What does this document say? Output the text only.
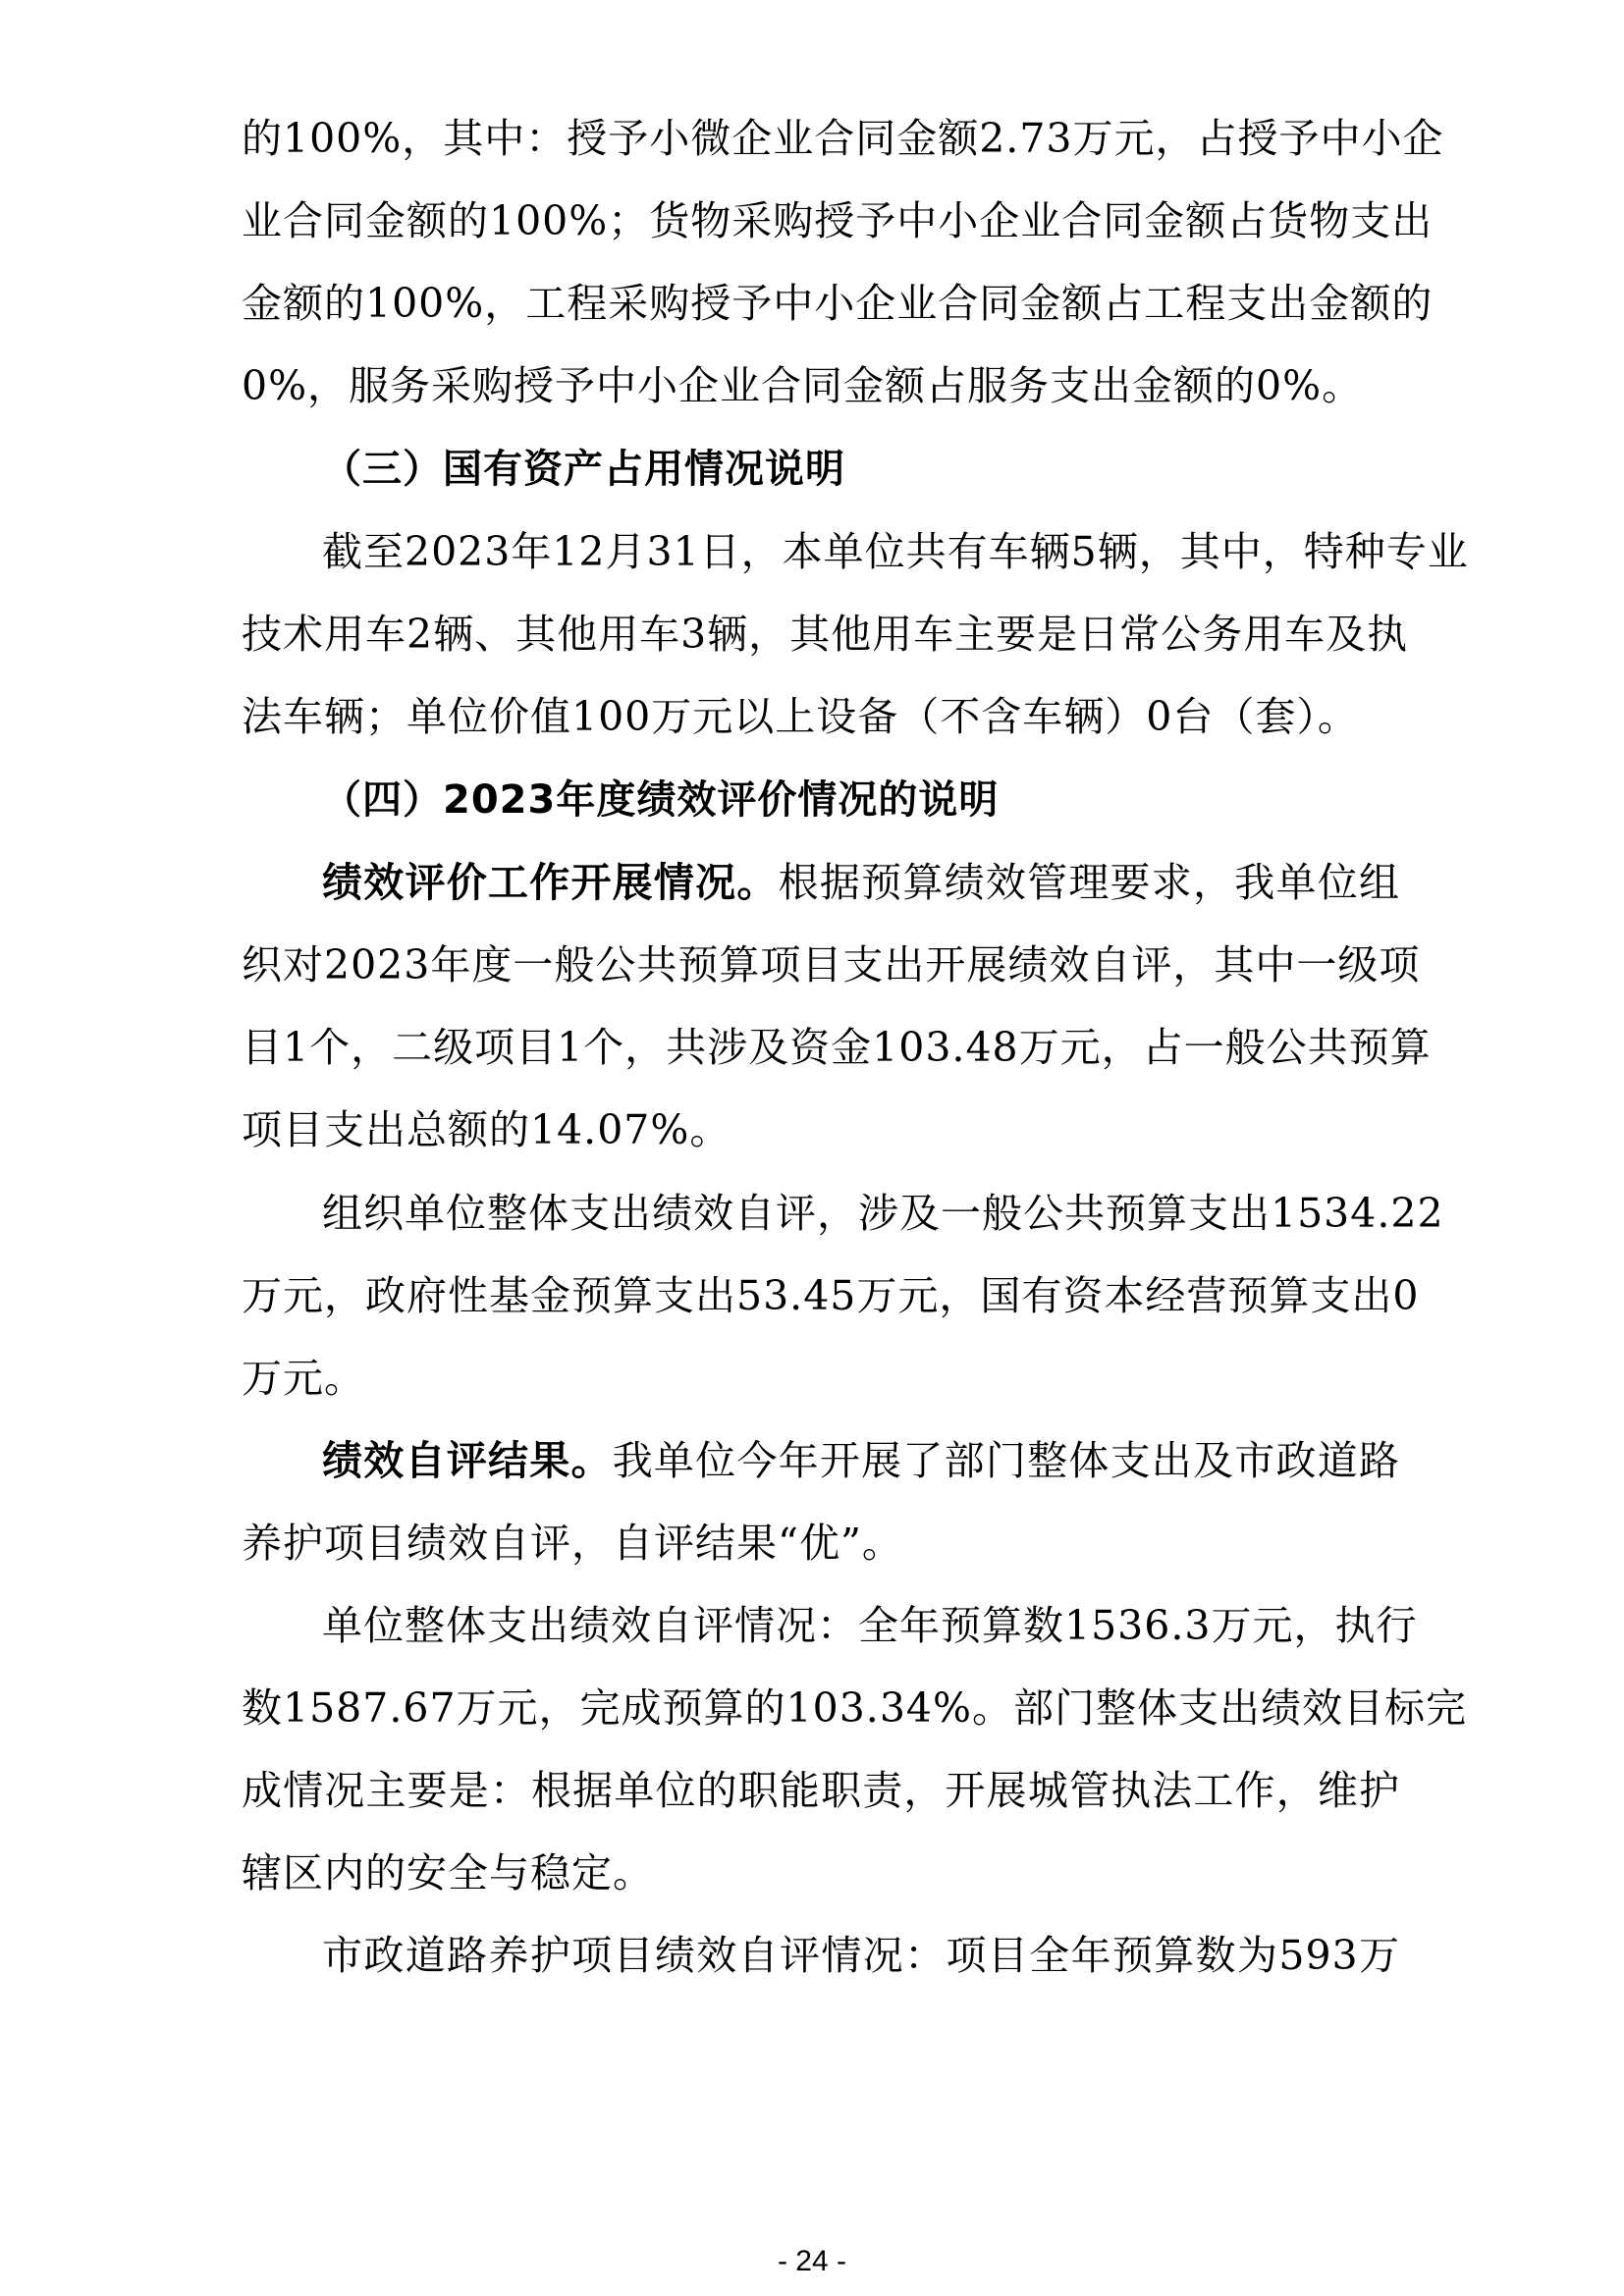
的100%，其中：授予小微企业合同金额2.73万元，占授予中小企
业合同金额的100%；货物采购授予中小企业合同金额占货物支出
金额的100%，工程采购授予中小企业合同金额占工程支出金额的
0%，服务采购授予中小企业合同金额占服务支出金额的0%。
（三）国有资产占用情况说明
截至2023年12月31日，本单位共有车辆5辆，其中，特种专业
技术用车2辆、其他用车3辆，其他用车主要是日常公务用车及执
法车辆；单位价值100万元以上设备（不含车辆）0台（套）。
（四）2023年度绩效评价情况的说明
绩效评价工作开展情况。根据预算绩效管理要求，我单位组
织对2023年度一般公共预算项目支出开展绩效自评，其中一级项
目1个，二级项目1个，共涉及资金103.48万元，占一般公共预算
项目支出总额的14.07%。
组织单位整体支出绩效自评，涉及一般公共预算支出1534.22
万元，政府性基金预算支出53.45万元，国有资本经营预算支出0
万元。
绩效自评结果。我单位今年开展了部门整体支出及市政道路
养护项目绩效自评，自评结果“优”。
单位整体支出绩效自评情况：全年预算数1536.3万元，执行
数1587.67万元，完成预算的103.34%。部门整体支出绩效目标完
成情况主要是：根据单位的职能职责，开展城管执法工作，维护
辖区内的安全与稳定。
市政道路养护项目绩效自评情况：项目全年预算数为593万
- 24 -
